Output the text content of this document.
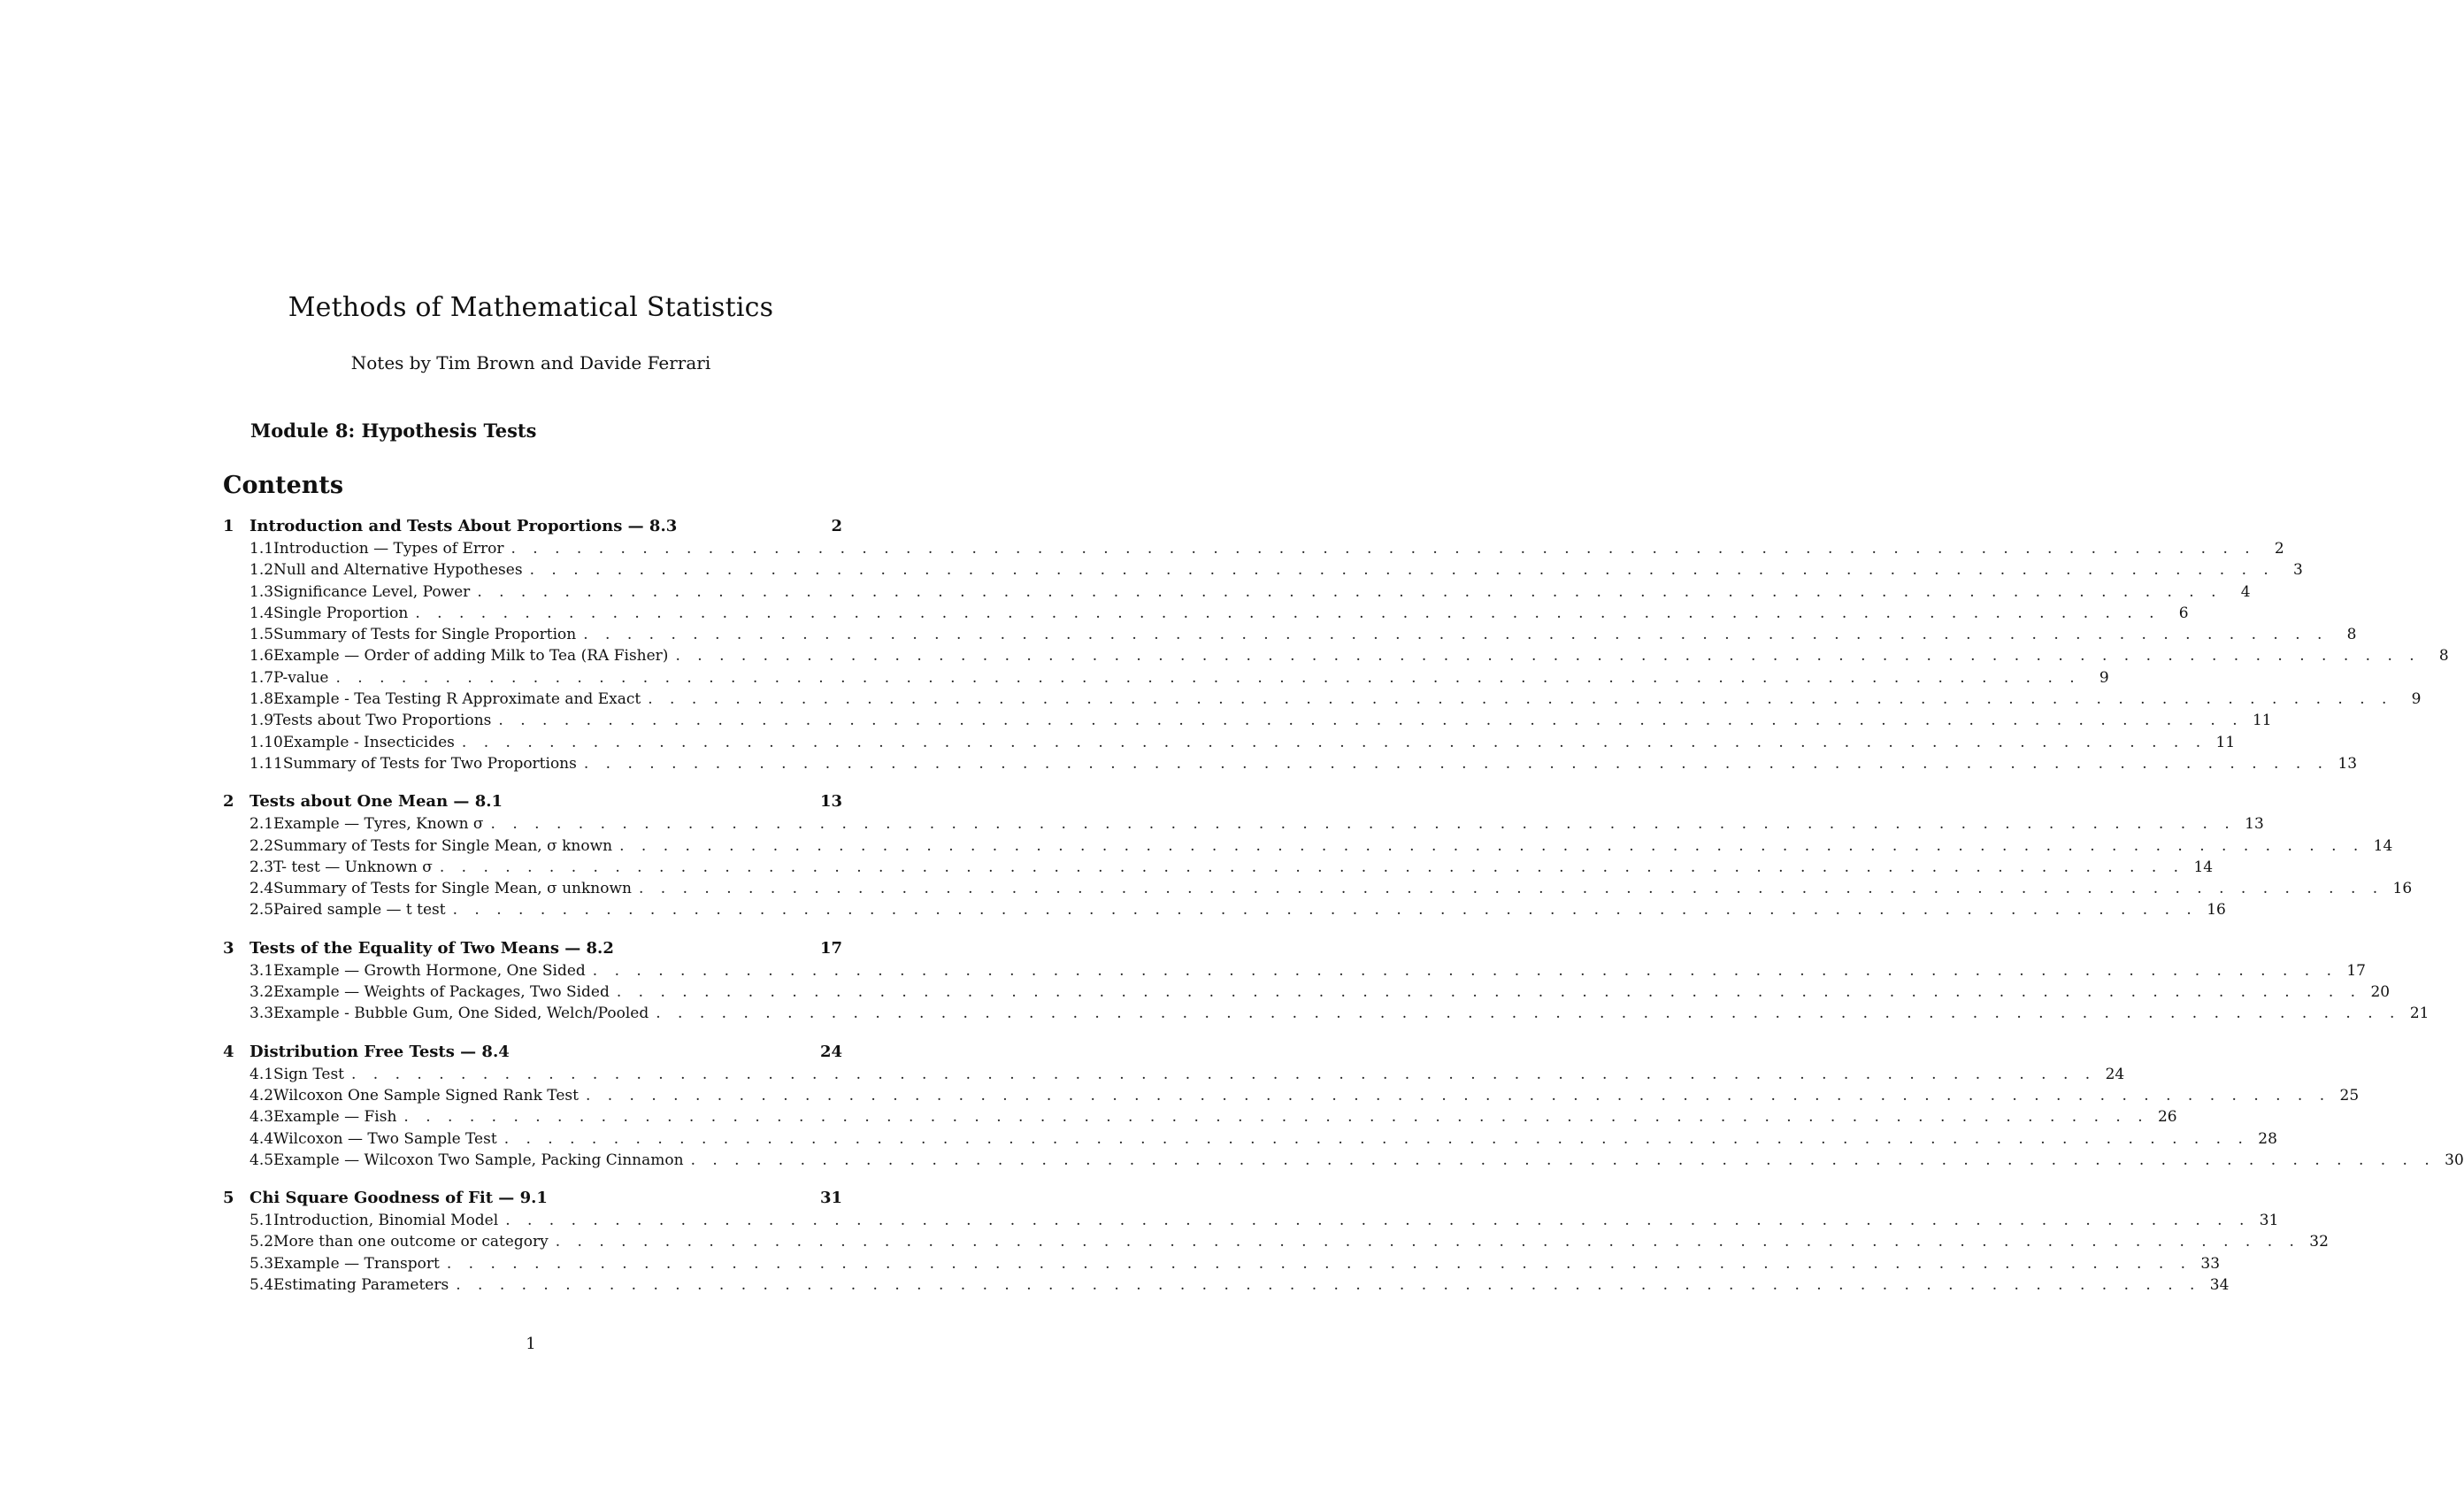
Methods of Mathematical Statistics
Notes by Tim Brown and Davide Ferrari
Module 8: Hypothesis Tests
Contents
1 Introduction and Tests About Proportions — 8.3	2
1.1 Introduction — Types of Error . . . . . . . . . . . . . . . . . . . . . . . . . . . . . . . . . . . . . . . . . . . . . . . . . . . . . . . . . . . . . . . . . . . . . . . . . . . . . . . .	2
1.2 Null and Alternative Hypotheses . . . . . . . . . . . . . . . . . . . . . . . . . . . . . . . . . . . . . . . . . . . . . . . . . . . . . . . . . . . . . . . . . . . . . . . . . . . . . . . .	3
1.3 Significance Level, Power . . . . . . . . . . . . . . . . . . . . . . . . . . . . . . . . . . . . . . . . . . . . . . . . . . . . . . . . . . . . . . . . . . . . . . . . . . . . . . . .	4
1.4 Single Proportion . . . . . . . . . . . . . . . . . . . . . . . . . . . . . . . . . . . . . . . . . . . . . . . . . . . . . . . . . . . . . . . . . . . . . . . . . . . . . . . .	6
1.5 Summary of Tests for Single Proportion . . . . . . . . . . . . . . . . . . . . . . . . . . . . . . . . . . . . . . . . . . . . . . . . . . . . . . . . . . . . . . . . . . . . . . . . . . . . . . . .	8
1.6 Example — Order of adding Milk to Tea (RA Fisher) . . . . . . . . . . . . . . . . . . . . . . . . . . . . . . . . . . . . . . . . . . . . . . . . . . . . . . . . . . . . . . . . . . . . . . . . . . . . . . . .	8
1.7 P-value . . . . . . . . . . . . . . . . . . . . . . . . . . . . . . . . . . . . . . . . . . . . . . . . . . . . . . . . . . . . . . . . . . . . . . . . . . . . . . . .	9
1.8 Example - Tea Testing R Approximate and Exact . . . . . . . . . . . . . . . . . . . . . . . . . . . . . . . . . . . . . . . . . . . . . . . . . . . . . . . . . . . . . . . . . . . . . . . . . . . . . . . .	9
1.9 Tests about Two Proportions . . . . . . . . . . . . . . . . . . . . . . . . . . . . . . . . . . . . . . . . . . . . . . . . . . . . . . . . . . . . . . . . . . . . . . . . . . . . . . . . 11
1.10 Example - Insecticides . . . . . . . . . . . . . . . . . . . . . . . . . . . . . . . . . . . . . . . . . . . . . . . . . . . . . . . . . . . . . . . . . . . . . . . . . . . . . . . . 11
1.11 Summary of Tests for Two Proportions . . . . . . . . . . . . . . . . . . . . . . . . . . . . . . . . . . . . . . . . . . . . . . . . . . . . . . . . . . . . . . . . . . . . . . . . . . . . . . . . 13
2 Tests about One Mean — 8.1	13
2.1 Example — Tyres, Known σ . . . . . . . . . . . . . . . . . . . . . . . . . . . . . . . . . . . . . . . . . . . . . . . . . . . . . . . . . . . . . . . . . . . . . . . . . . . . . . . . 13
2.2 Summary of Tests for Single Mean, σ known . . . . . . . . . . . . . . . . . . . . . . . . . . . . . . . . . . . . . . . . . . . . . . . . . . . . . . . . . . . . . . . . . . . . . . . . . . . . . . . . 14
2.3 T- test — Unknown σ . . . . . . . . . . . . . . . . . . . . . . . . . . . . . . . . . . . . . . . . . . . . . . . . . . . . . . . . . . . . . . . . . . . . . . . . . . . . . . . . 14
2.4 Summary of Tests for Single Mean, σ unknown . . . . . . . . . . . . . . . . . . . . . . . . . . . . . . . . . . . . . . . . . . . . . . . . . . . . . . . . . . . . . . . . . . . . . . . . . . . . . . . . 16
2.5 Paired sample — t test . . . . . . . . . . . . . . . . . . . . . . . . . . . . . . . . . . . . . . . . . . . . . . . . . . . . . . . . . . . . . . . . . . . . . . . . . . . . . . . . 16
3 Tests of the Equality of Two Means — 8.2	17
3.1 Example — Growth Hormone, One Sided . . . . . . . . . . . . . . . . . . . . . . . . . . . . . . . . . . . . . . . . . . . . . . . . . . . . . . . . . . . . . . . . . . . . . . . . . . . . . . . . 17
3.2 Example — Weights of Packages, Two Sided . . . . . . . . . . . . . . . . . . . . . . . . . . . . . . . . . . . . . . . . . . . . . . . . . . . . . . . . . . . . . . . . . . . . . . . . . . . . . . . . 20
3.3 Example - Bubble Gum, One Sided, Welch/Pooled . . . . . . . . . . . . . . . . . . . . . . . . . . . . . . . . . . . . . . . . . . . . . . . . . . . . . . . . . . . . . . . . . . . . . . . . . . . . . . . . 21
4 Distribution Free Tests — 8.4	24
4.1 Sign Test . . . . . . . . . . . . . . . . . . . . . . . . . . . . . . . . . . . . . . . . . . . . . . . . . . . . . . . . . . . . . . . . . . . . . . . . . . . . . . . . 24
4.2 Wilcoxon One Sample Signed Rank Test . . . . . . . . . . . . . . . . . . . . . . . . . . . . . . . . . . . . . . . . . . . . . . . . . . . . . . . . . . . . . . . . . . . . . . . . . . . . . . . . 25
4.3 Example — Fish . . . . . . . . . . . . . . . . . . . . . . . . . . . . . . . . . . . . . . . . . . . . . . . . . . . . . . . . . . . . . . . . . . . . . . . . . . . . . . . . 26
4.4 Wilcoxon — Two Sample Test . . . . . . . . . . . . . . . . . . . . . . . . . . . . . . . . . . . . . . . . . . . . . . . . . . . . . . . . . . . . . . . . . . . . . . . . . . . . . . . . 28
4.5 Example — Wilcoxon Two Sample, Packing Cinnamon . . . . . . . . . . . . . . . . . . . . . . . . . . . . . . . . . . . . . . . . . . . . . . . . . . . . . . . . . . . . . . . . . . . . . . . . . . . . . . . . 30
5 Chi Square Goodness of Fit — 9.1	31
5.1 Introduction, Binomial Model . . . . . . . . . . . . . . . . . . . . . . . . . . . . . . . . . . . . . . . . . . . . . . . . . . . . . . . . . . . . . . . . . . . . . . . . . . . . . . . . 31
5.2 More than one outcome or category . . . . . . . . . . . . . . . . . . . . . . . . . . . . . . . . . . . . . . . . . . . . . . . . . . . . . . . . . . . . . . . . . . . . . . . . . . . . . . . . 32
5.3 Example — Transport . . . . . . . . . . . . . . . . . . . . . . . . . . . . . . . . . . . . . . . . . . . . . . . . . . . . . . . . . . . . . . . . . . . . . . . . . . . . . . . . 33
5.4 Estimating Parameters . . . . . . . . . . . . . . . . . . . . . . . . . . . . . . . . . . . . . . . . . . . . . . . . . . . . . . . . . . . . . . . . . . . . . . . . . . . . . . . . 34
1
